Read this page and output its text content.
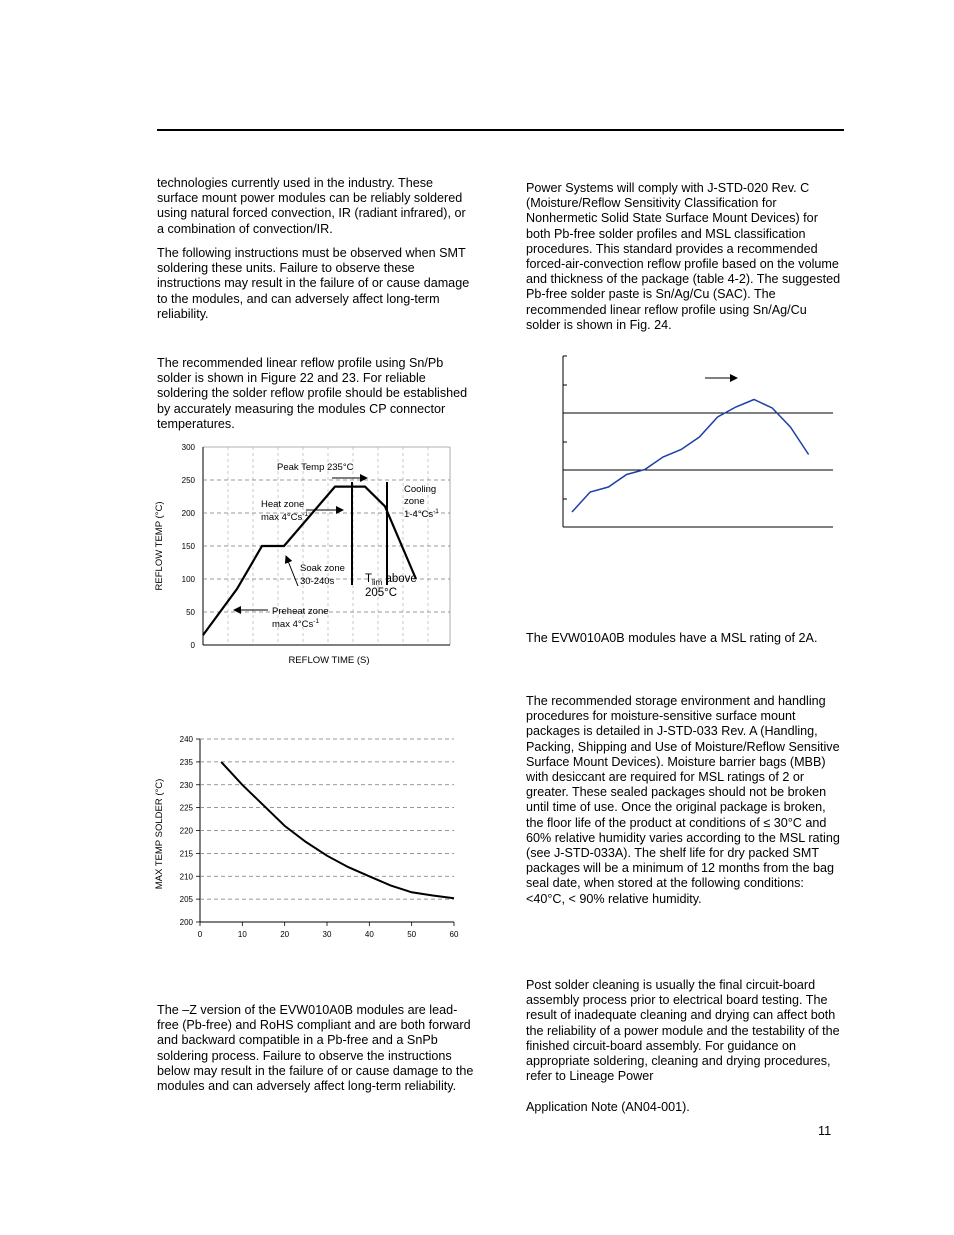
technologies currently used in the industry. These surface mount power modules can be reliably soldered using natural forced convection, IR (radiant infrared), or a combination of convection/IR.

The following instructions must be observed when SMT soldering these units. Failure to observe these instructions may result in the failure of or cause damage to the modules, and can adversely affect long-term reliability.

The recommended linear reflow profile using Sn/Pb solder is shown in Figure 22 and 23. For reliable soldering the solder reflow profile should be established by accurately measuring the modules CP connector temperatures.

The –Z version of the EVW010A0B modules are lead-free (Pb-free) and RoHS compliant and are both forward and backward compatible in a Pb-free and a SnPb soldering process. Failure to observe the instructions below may result in the failure of or cause damage to the modules and can adversely affect long-term reliability.

Power Systems will comply with J-STD-020 Rev. C (Moisture/Reflow Sensitivity Classification for Nonhermetic Solid State Surface Mount Devices) for both Pb-free solder profiles and MSL classification procedures. This standard provides a recommended forced-air-convection reflow profile based on the volume and thickness of the package (table 4-2). The suggested Pb-free solder paste is Sn/Ag/Cu (SAC). The recommended linear reflow profile using Sn/Ag/Cu solder is shown in Fig. 24.

The EVW010A0B modules have a MSL rating of 2A.

The recommended storage environment and handling procedures for moisture-sensitive surface mount packages is detailed in J-STD-033 Rev. A (Handling, Packing, Shipping and Use of Moisture/Reflow Sensitive Surface Mount Devices). Moisture barrier bags (MBB) with desiccant are required for MSL ratings of 2 or greater. These sealed packages should not be broken until time of use. Once the original package is broken, the floor life of the product at conditions of ≤ 30°C and 60% relative humidity varies according to the MSL rating (see J-STD-033A). The shelf life for dry packed SMT packages will be a minimum of 12 months from the bag seal date, when stored at the following conditions: <40°C, < 90% relative humidity.

Post solder cleaning is usually the final circuit-board assembly process prior to electrical board testing. The result of inadequate cleaning and drying can affect both the reliability of a power module and the testability of the finished circuit-board assembly. For guidance on appropriate soldering, cleaning and drying procedures, refer to Lineage Power

Application Note (AN04-001).

11
0
50
100
150
200
250
300
Peak Temp 235°C
Heat zone
$\max 4^\circ Cs^{-1}$
Cooling
zone
$1-4^\circ Cs^{-1}$
Soak zone
30-240s	$T_{lim}$ above
205°C
Preheat zone
$\max 4^\circ Cs^{-1}$
REFLOW TIME (S)
REFLOW TEMP (°C)
200
205
210
215
220
225
230
235
240
0	10	20	30	40	50	60
MAX TEMP SOLDER (°C)
